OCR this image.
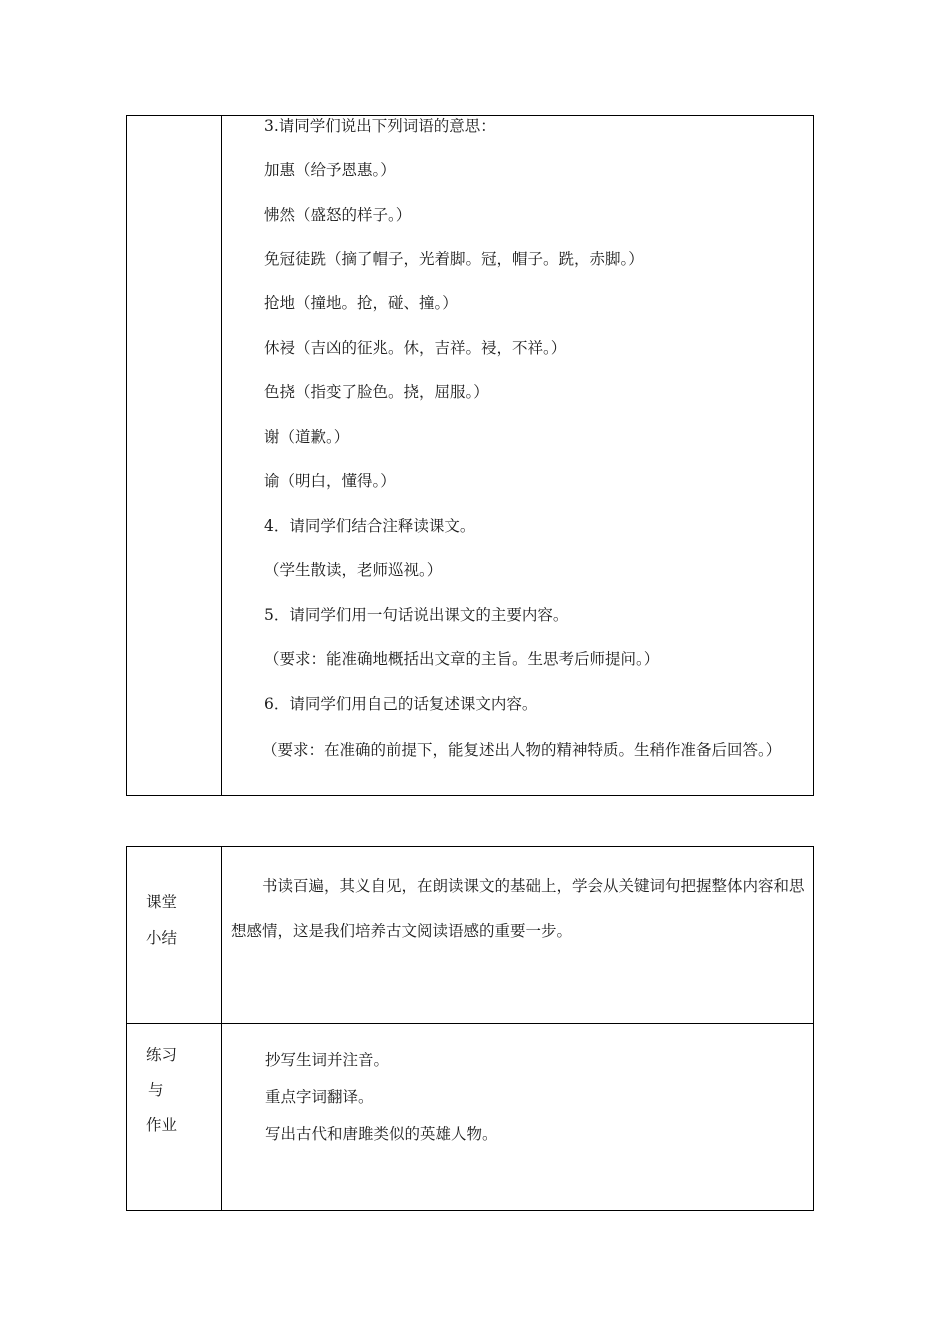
3.请同学们说出下列词语的意思：
加惠（给予恩惠。）
怫然（盛怒的样子。）
免冠徒跣（摘了帽子，光着脚。冠，帽子。跣，赤脚。）
抢地（撞地。抢，碰、撞。）
休祲（吉凶的征兆。休，吉祥。祲，不祥。）
色挠（指变了脸色。挠，屈服。）
谢（道歉。）
谕（明白，懂得。）
4．请同学们结合注释读课文。
（学生散读，老师巡视。）
5．请同学们用一句话说出课文的主要内容。
（要求：能准确地概括出文章的主旨。生思考后师提问。）
6．请同学们用自己的话复述课文内容。
（要求：在准确的前提下，能复述出人物的精神特质。生稍作准备后回答。）
课堂
小结
书读百遍，其义自见，在朗读课文的基础上，学会从关键词句把握整体内容和思想感情，这是我们培养古文阅读语感的重要一步。
练习
与
作业
抄写生词并注音。
重点字词翻译。
写出古代和唐雎类似的英雄人物。
